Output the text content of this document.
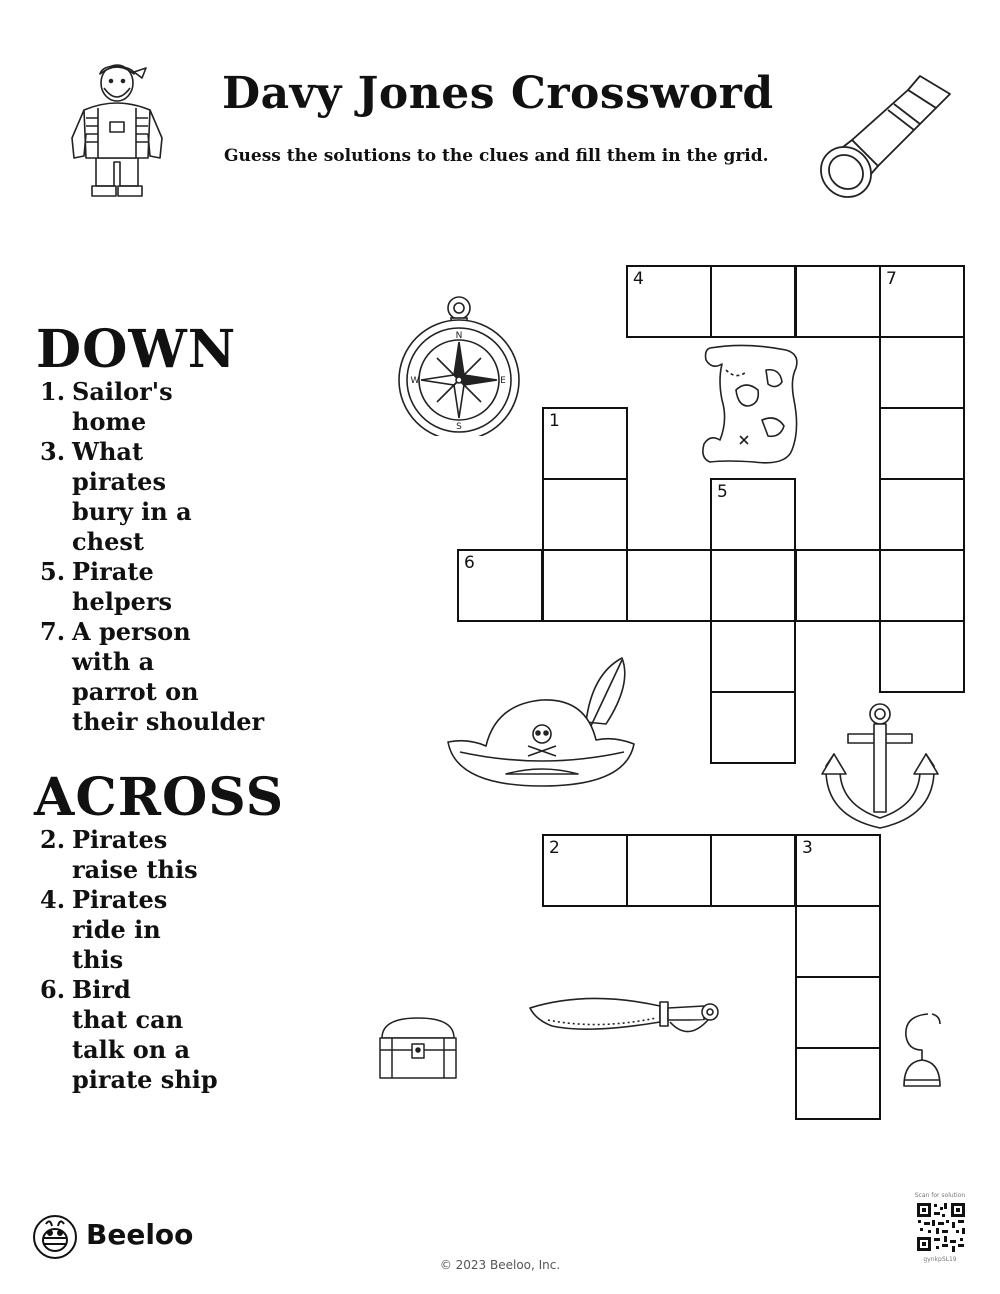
Davy Jones Crossword
Guess the solutions to the clues and fill them in the grid.
DOWN
1. Sailor's
home
3. What
pirates
bury in a
chest
5. Pirate
helpers
7. A person
with a
parrot on
their shoulder
ACROSS
2. Pirates
raise this
4. Pirates
ride in
this
6. Bird
that can
talk on a
pirate ship
4	7
1
5
6
2	3
N
S
W	E
Beeloo
© 2023 Beeloo, Inc.
Scan for solution
gynkpSL19
